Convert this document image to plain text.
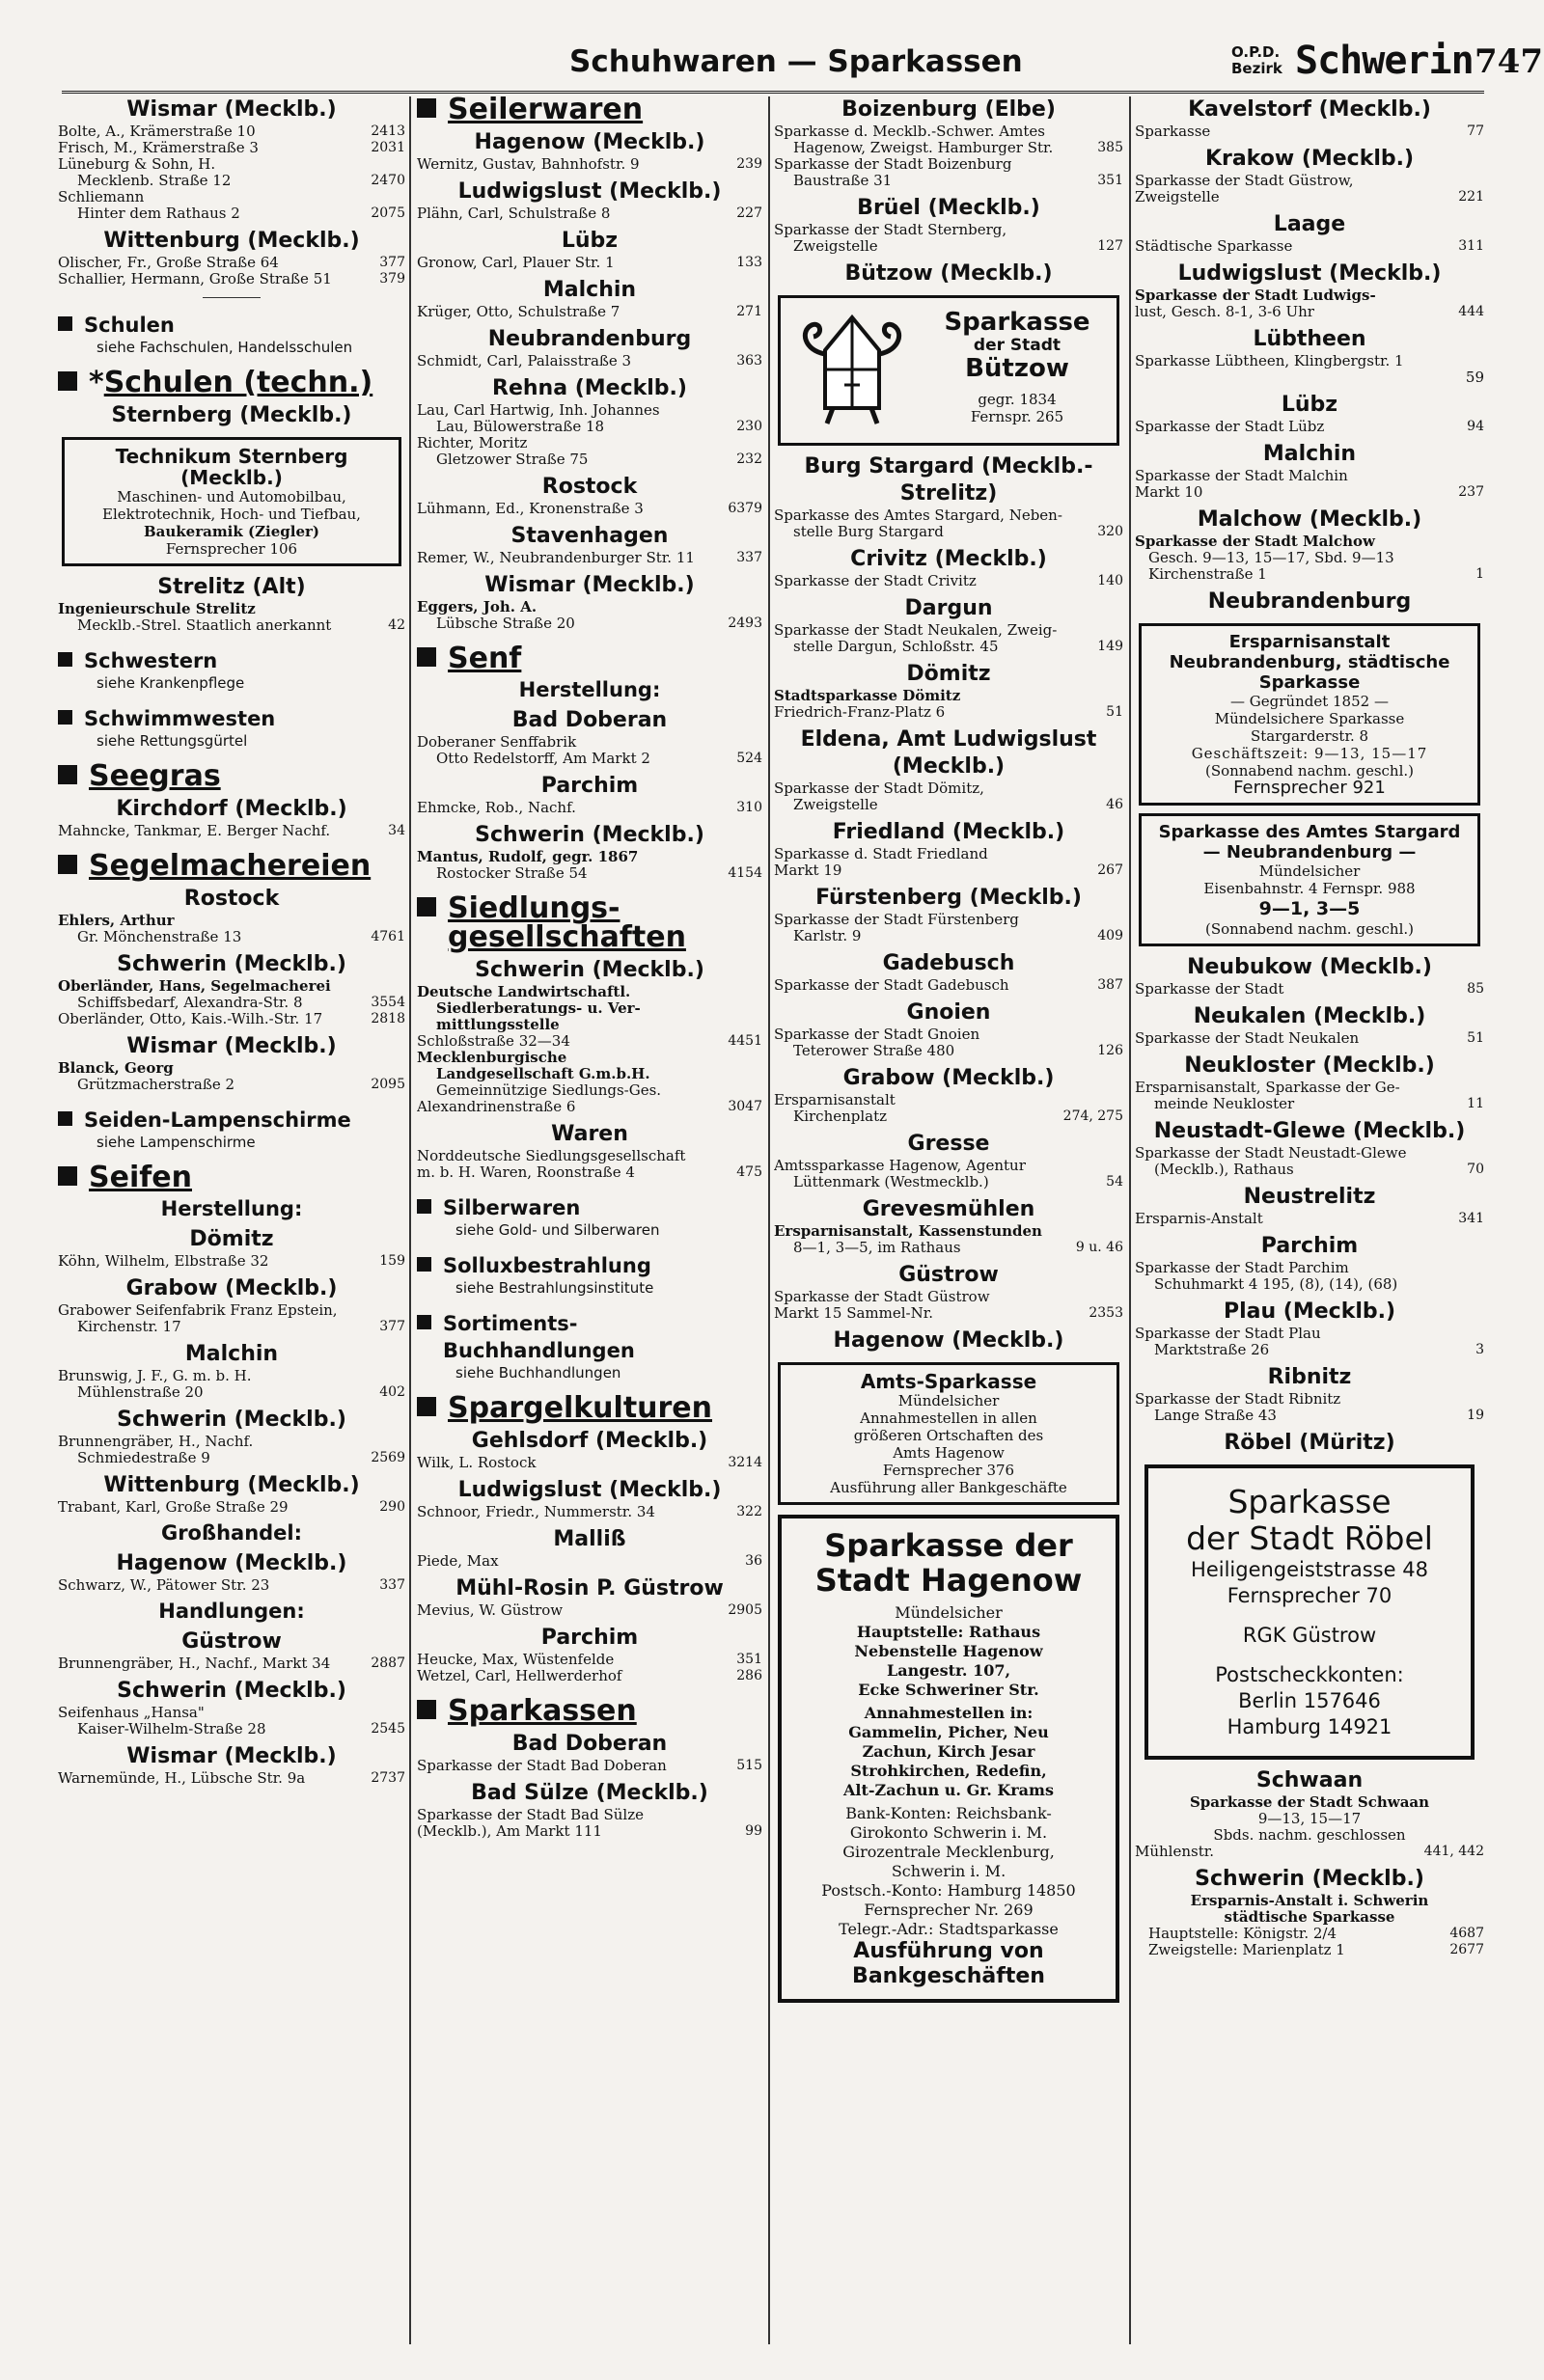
Schuhwaren — Sparkassen	O.P.D.
Bezirk Schwerin 747
Wismar (Mecklb.)
Bolte, A., Krämerstraße 10	2413
Frisch, M., Krämerstraße 3	2031
Lüneburg & Sohn, H.
Mecklenb. Straße 12	2470
Schliemann
Hinter dem Rathaus 2	2075
Wittenburg (Mecklb.)
Olischer, Fr., Große Straße 64	377
Schallier, Hermann, Große Straße 51	379
Schulen
siehe Fachschulen, Handelsschulen
*Schulen (techn.)
Sternberg (Mecklb.)
Technikum Sternberg (Mecklb.)
Maschinen- und Automobilbau,
Elektrotechnik, Hoch- und Tiefbau,
Baukeramik (Ziegler)
Fernsprecher 106
Strelitz (Alt)
Ingenieurschule Strelitz
Mecklb.-Strel. Staatlich anerkannt	42
Schwestern
siehe Krankenpflege
Schwimmwesten
siehe Rettungsgürtel
Seegras
Kirchdorf (Mecklb.)
Mahncke, Tankmar, E. Berger Nachf.	34
Segelmachereien
Rostock
Ehlers, Arthur
Gr. Mönchenstraße 13	4761
Schwerin (Mecklb.)
Oberländer, Hans, Segelmacherei
Schiffsbedarf, Alexandra-Str. 8	3554
Oberländer, Otto, Kais.-Wilh.-Str. 17	2818
Wismar (Mecklb.)
Blanck, Georg
Grützmacherstraße 2	2095
Seiden-Lampenschirme
siehe Lampenschirme
Seifen
Herstellung:
Dömitz
Köhn, Wilhelm, Elbstraße 32	159
Grabow (Mecklb.)
Grabower Seifenfabrik Franz Epstein,
Kirchenstr. 17	377
Malchin
Brunswig, J. F., G. m. b. H.
Mühlenstraße 20	402
Schwerin (Mecklb.)
Brunnengräber, H., Nachf.
Schmiedestraße 9	2569
Wittenburg (Mecklb.)
Trabant, Karl, Große Straße 29	290
Großhandel:
Hagenow (Mecklb.)
Schwarz, W., Pätower Str. 23	337
Handlungen:
Güstrow
Brunnengräber, H., Nachf., Markt 34	2887
Schwerin (Mecklb.)
Seifenhaus „Hansa"
Kaiser-Wilhelm-Straße 28	2545
Wismar (Mecklb.)
Warnemünde, H., Lübsche Str. 9a	2737
Seilerwaren
Hagenow (Mecklb.)
Wernitz, Gustav, Bahnhofstr. 9	239
Ludwigslust (Mecklb.)
Plähn, Carl, Schulstraße 8	227
Lübz
Gronow, Carl, Plauer Str. 1	133
Malchin
Krüger, Otto, Schulstraße 7	271
Neubrandenburg
Schmidt, Carl, Palaisstraße 3	363
Rehna (Mecklb.)
Lau, Carl Hartwig, Inh. Johannes
Lau, Bülowerstraße 18	230
Richter, Moritz
Gletzower Straße 75	232
Rostock
Lühmann, Ed., Kronenstraße 3	6379
Stavenhagen
Remer, W., Neubrandenburger Str. 11	337
Wismar (Mecklb.)
Eggers, Joh. A.
Lübsche Straße 20	2493
Senf
Herstellung:
Bad Doberan
Doberaner Senffabrik
Otto Redelstorff, Am Markt 2	524
Parchim
Ehmcke, Rob., Nachf.	310
Schwerin (Mecklb.)
Mantus, Rudolf, gegr. 1867
Rostocker Straße 54	4154
Siedlungs-
gesellschaften
Schwerin (Mecklb.)
Deutsche Landwirtschaftl.
Siedlerberatungs- u. Ver-
mittlungsstelle
Schloßstraße 32—34	4451
Mecklenburgische
Landgesellschaft G.m.b.H.
Gemeinnützige Siedlungs-Ges.
Alexandrinenstraße 6	3047
Waren
Norddeutsche Siedlungsgesellschaft
m. b. H. Waren, Roonstraße 4	475
Silberwaren
siehe Gold- und Silberwaren
Solluxbestrahlung
siehe Bestrahlungsinstitute
Sortiments-
Buchhandlungen
siehe Buchhandlungen
Spargelkulturen
Gehlsdorf (Mecklb.)
Wilk, L. Rostock	3214
Ludwigslust (Mecklb.)
Schnoor, Friedr., Nummerstr. 34	322
Malliß
Piede, Max	36
Mühl-Rosin P. Güstrow
Mevius, W. Güstrow	2905
Parchim
Heucke, Max, Wüstenfelde	351
Wetzel, Carl, Hellwerderhof	286
Sparkassen
Bad Doberan
Sparkasse der Stadt Bad Doberan	515
Bad Sülze (Mecklb.)
Sparkasse der Stadt Bad Sülze
(Mecklb.), Am Markt 111	99
Boizenburg (Elbe)
Sparkasse d. Mecklb.-Schwer. Amtes
Hagenow, Zweigst. Hamburger Str.	385
Sparkasse der Stadt Boizenburg
Baustraße 31	351
Brüel (Mecklb.)
Sparkasse der Stadt Sternberg,
Zweigstelle	127
Bützow (Mecklb.)
Sparkasse
der Stadt
Bützow
gegr. 1834
Fernspr. 265
Burg Stargard (Mecklb.-Strelitz)
Sparkasse des Amtes Stargard, Neben-
stelle Burg Stargard	320
Crivitz (Mecklb.)
Sparkasse der Stadt Crivitz	140
Dargun
Sparkasse der Stadt Neukalen, Zweig-
stelle Dargun, Schloßstr. 45	149
Dömitz
Stadtsparkasse Dömitz
Friedrich-Franz-Platz 6	51
Eldena, Amt Ludwigslust (Mecklb.)
Sparkasse der Stadt Dömitz,
Zweigstelle	46
Friedland (Mecklb.)
Sparkasse d. Stadt Friedland
Markt 19	267
Fürstenberg (Mecklb.)
Sparkasse der Stadt Fürstenberg
Karlstr. 9	409
Gadebusch
Sparkasse der Stadt Gadebusch	387
Gnoien
Sparkasse der Stadt Gnoien
Teterower Straße 480	126
Grabow (Mecklb.)
Ersparnisanstalt
Kirchenplatz	274, 275
Gresse
Amtssparkasse Hagenow, Agentur
Lüttenmark (Westmecklb.)	54
Grevesmühlen
Ersparnisanstalt, Kassenstunden
8—1, 3—5, im Rathaus	9 u. 46
Güstrow
Sparkasse der Stadt Güstrow
Markt 15 Sammel-Nr.	2353
Hagenow (Mecklb.)
Amts-Sparkasse
Mündelsicher
Annahmestellen in allen
größeren Ortschaften des
Amts Hagenow
Fernsprecher 376
Ausführung aller Bankgeschäfte
Sparkasse der Stadt Hagenow
Mündelsicher
Hauptstelle: Rathaus
Nebenstelle Hagenow
Langestr. 107,
Ecke Schweriner Str.
Annahmestellen in:
Gammelin, Picher, Neu
Zachun, Kirch Jesar
Strohkirchen, Redefin,
Alt-Zachun u. Gr. Krams
Bank-Konten: Reichsbank-
Girokonto Schwerin i. M.
Girozentrale Mecklenburg,
Schwerin i. M.
Postsch.-Konto: Hamburg 14850
Fernsprecher Nr. 269
Telegr.-Adr.: Stadtsparkasse
Ausführung von Bankgeschäften
Kavelstorf (Mecklb.)
Sparkasse	77
Krakow (Mecklb.)
Sparkasse der Stadt Güstrow,
Zweigstelle	221
Laage
Städtische Sparkasse	311
Ludwigslust (Mecklb.)
Sparkasse der Stadt Ludwigs-
lust, Gesch. 8-1, 3-6 Uhr	444
Lübtheen
Sparkasse Lübtheen, Klingbergstr. 1
59
Lübz
Sparkasse der Stadt Lübz	94
Malchin
Sparkasse der Stadt Malchin
Markt 10	237
Malchow (Mecklb.)
Sparkasse der Stadt Malchow
Gesch. 9—13, 15—17, Sbd. 9—13
Kirchenstraße 1	1
Neubrandenburg
Ersparnisanstalt Neubrandenburg, städtische Sparkasse
— Gegründet 1852 —
Mündelsichere Sparkasse
Stargarderstr. 8
Geschäftszeit: 9—13, 15—17
(Sonnabend nachm. geschl.)
Fernsprecher 921
Sparkasse des Amtes Stargard — Neubrandenburg —
Mündelsicher
Eisenbahnstr. 4 Fernspr. 988
9—1, 3—5
(Sonnabend nachm. geschl.)
Neubukow (Mecklb.)
Sparkasse der Stadt	85
Neukalen (Mecklb.)
Sparkasse der Stadt Neukalen	51
Neukloster (Mecklb.)
Ersparnisanstalt, Sparkasse der Ge-
meinde Neukloster	11
Neustadt-Glewe (Mecklb.)
Sparkasse der Stadt Neustadt-Glewe
(Mecklb.), Rathaus	70
Neustrelitz
Ersparnis-Anstalt	341
Parchim
Sparkasse der Stadt Parchim
Schuhmarkt 4 195, (8), (14), (68)
Plau (Mecklb.)
Sparkasse der Stadt Plau
Marktstraße 26	3
Ribnitz
Sparkasse der Stadt Ribnitz
Lange Straße 43	19
Röbel (Müritz)
Sparkasse
der Stadt Röbel
Heiligengeiststrasse 48
Fernsprecher 70
RGK Güstrow
Postscheckkonten:
Berlin 157646
Hamburg 14921
Schwaan
Sparkasse der Stadt Schwaan
9—13, 15—17
Sbds. nachm. geschlossen
Mühlenstr.	441, 442
Schwerin (Mecklb.)
Ersparnis-Anstalt i. Schwerin
städtische Sparkasse
Hauptstelle: Königstr. 2/4	4687
Zweigstelle: Marienplatz 1	2677
